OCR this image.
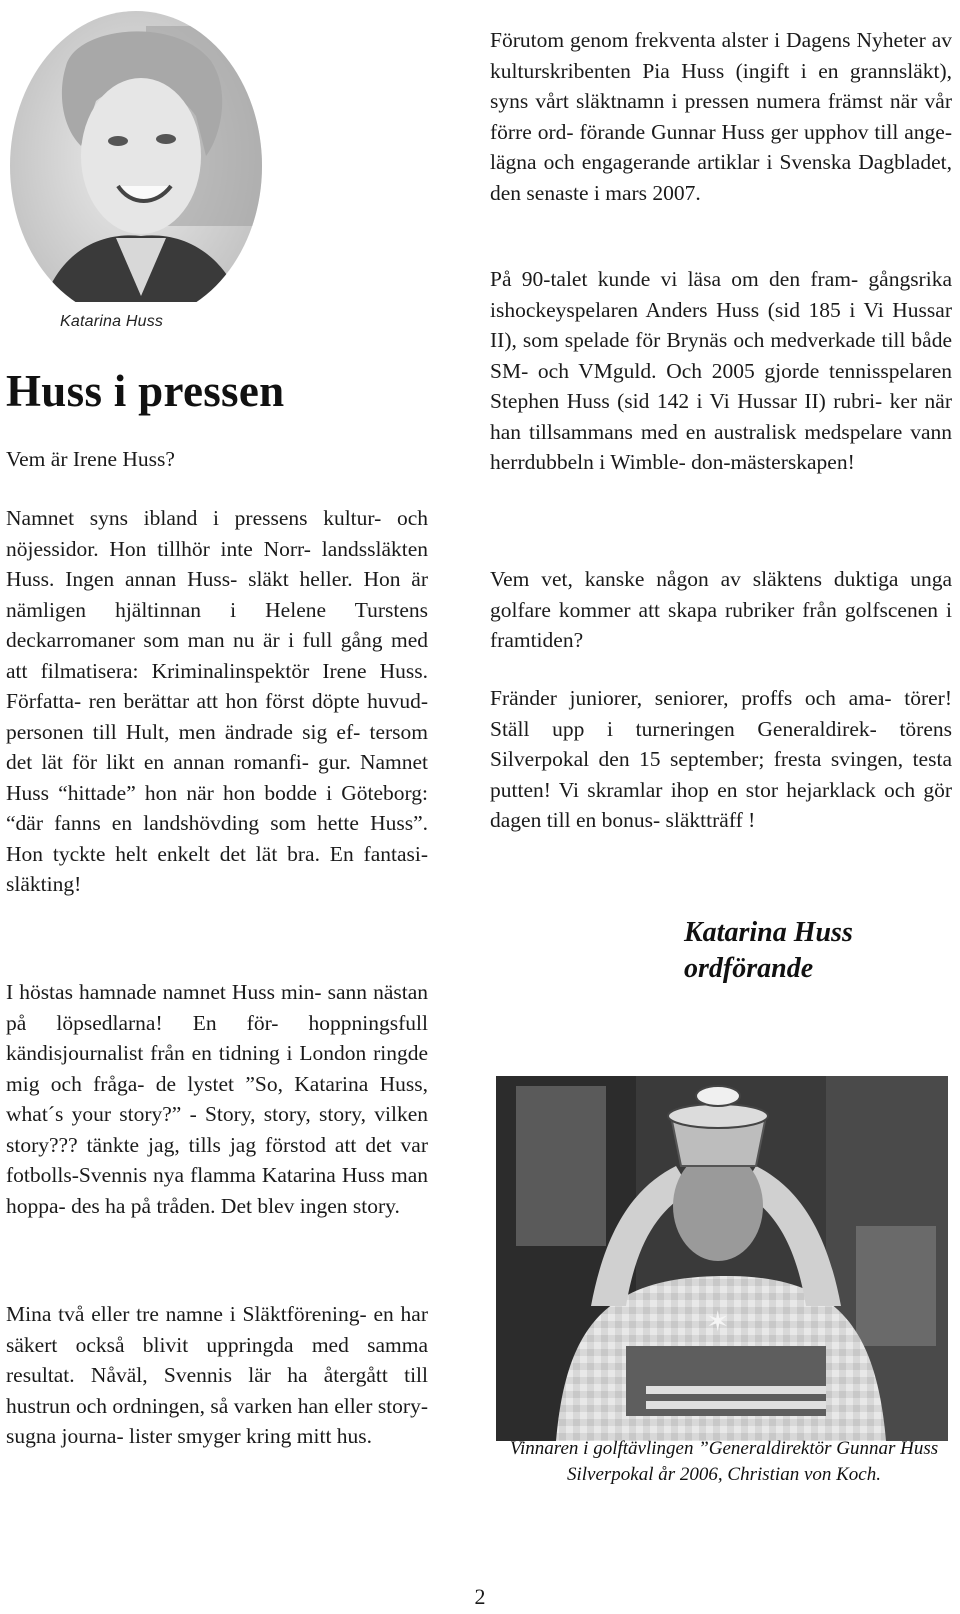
Katarina Huss
Huss i pressen

Vem är Irene Huss?

Namnet syns ibland i pressens kultur- och nöjessidor. Hon tillhör inte Norr- landssläkten Huss. Ingen annan Huss- släkt heller. Hon är nämligen hjältinnan i Helene Turstens deckarromaner som man nu är i full gång med att filmatisera: Kriminalinspektör Irene Huss. Författa- ren berättar att hon först döpte huvud- personen till Hult, men ändrade sig ef- tersom det lät för likt en annan romanfi- gur. Namnet Huss “hittade” hon när hon bodde i Göteborg: “där fanns en landshövding som hette Huss”. Hon tyckte helt enkelt det lät bra. En fantasi- släkting!

I höstas hamnade namnet Huss min- sann nästan på löpsedlarna! En för- hoppningsfull kändisjournalist från en tidning i London ringde mig och fråga- de lystet ”So, Katarina Huss, what´s your story?” - Story, story, story, vilken story??? tänkte jag, tills jag förstod att det var fotbolls-Svennis nya flamma Katarina Huss man hoppa- des ha på tråden. Det blev ingen story.

Mina två eller tre namne i Släktförening- en har säkert också blivit uppringda med samma resultat. Nåväl, Svennis lär ha återgått till hustrun och ordningen, så varken han eller story-sugna journa- lister smyger kring mitt hus.

Förutom genom frekventa alster i Dagens Nyheter av kulturskribenten Pia Huss (ingift i en grannsläkt), syns vårt släktnamn i pressen numera främst när vår förre ord- förande Gunnar Huss ger upphov till ange- lägna och engagerande artiklar i Svenska Dagbladet, den senaste i mars 2007.

På 90-talet kunde vi läsa om den fram- gångsrika ishockeyspelaren Anders Huss (sid 185 i Vi Hussar II), som spelade för Brynäs och medverkade till både SM- och VMguld. Och 2005 gjorde tennisspelaren Stephen Huss (sid 142 i Vi Hussar II) rubri- ker när han tillsammans med en australisk medspelare vann herrdubbeln i Wimble- don-mästerskapen!

Vem vet, kanske någon av släktens duktiga unga golfare kommer att skapa rubriker från golfscenen i framtiden?

Fränder juniorer, seniorer, proffs och ama- törer! Ställ upp i turneringen Generaldirek- törens Silverpokal den 15 september; fresta svingen, testa putten! Vi skramlar ihop en stor hejarklack och gör dagen till en bonus- släktträff !

Katarina Huss
ordförande
✶

Vinnaren i golftävlingen ”Generaldirektör Gunnar Huss Silverpokal år 2006, Christian von Koch.

2
